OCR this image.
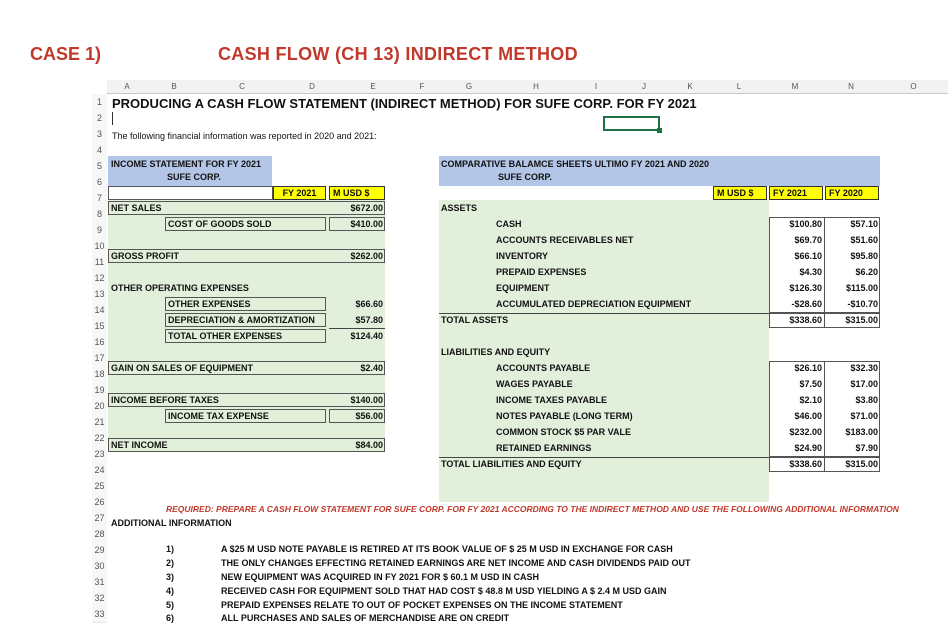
CASE 1)	CASH FLOW (CH 13) INDIRECT METHOD
A	B	C	D	E	F	G	H	I	J	K	L	M	N	O
1
2
3
4
5
6
7
8
9
10
11
12
13
14
15
16
17
18
19
20
21
22
23
24
25
26
27
28
29
30
31
32
33
PRODUCING A CASH FLOW STATEMENT (INDIRECT METHOD) FOR SUFE CORP. FOR FY 2021
The following financial information was reported in 2020 and 2021:
INCOME STATEMENT FOR FY 2021
SUFE CORP.
FY 2021	M USD $
NET SALES	$672.00
COST OF GOODS SOLD	$410.00
GROSS PROFIT	$262.00
OTHER OPERATING EXPENSES
OTHER EXPENSES	$66.60
DEPRECIATION & AMORTIZATION	$57.80
TOTAL OTHER EXPENSES	$124.40
GAIN ON SALES OF EQUIPMENT	$2.40
INCOME BEFORE TAXES	$140.00
INCOME TAX EXPENSE	$56.00
NET INCOME	$84.00
COMPARATIVE BALAMCE SHEETS ULTIMO FY 2021 AND 2020
SUFE CORP.
M USD $	FY 2021	FY 2020
ASSETS
CASH	$100.80	$57.10
ACCOUNTS RECEIVABLES NET	$69.70	$51.60
INVENTORY	$66.10	$95.80
PREPAID EXPENSES	$4.30	$6.20
EQUIPMENT	$126.30	$115.00
ACCUMULATED DEPRECIATION EQUIPMENT	-$28.60	-$10.70
TOTAL ASSETS	$338.60	$315.00
LIABILITIES AND EQUITY
ACCOUNTS PAYABLE	$26.10	$32.30
WAGES PAYABLE	$7.50	$17.00
INCOME TAXES PAYABLE	$2.10	$3.80
NOTES PAYABLE (LONG TERM)	$46.00	$71.00
COMMON STOCK $5 PAR VALE	$232.00	$183.00
RETAINED EARNINGS	$24.90	$7.90
TOTAL LIABILITIES AND EQUITY	$338.60	$315.00
REQUIRED: PREPARE A CASH FLOW STATEMENT FOR SUFE CORP. FOR FY 2021 ACCORDING TO THE INDIRECT METHOD AND USE THE FOLLOWING ADDITIONAL INFORMATION
ADDITIONAL INFORMATION
1)	A $25 M USD NOTE PAYABLE IS RETIRED AT ITS BOOK VALUE OF $ 25 M USD IN EXCHANGE FOR CASH
2)	THE ONLY CHANGES EFFECTING RETAINED EARNINGS ARE NET INCOME AND CASH DIVIDENDS PAID OUT
3)	NEW EQUIPMENT WAS ACQUIRED IN FY 2021 FOR $ 60.1 M USD IN CASH
4)	RECEIVED CASH FOR EQUIPMENT SOLD THAT HAD COST $ 48.8 M USD YIELDING A $ 2.4 M USD GAIN
5)	PREPAID EXPENSES RELATE TO OUT OF POCKET EXPENSES ON THE INCOME STATEMENT
6)	ALL PURCHASES AND SALES OF MERCHANDISE ARE ON CREDIT
